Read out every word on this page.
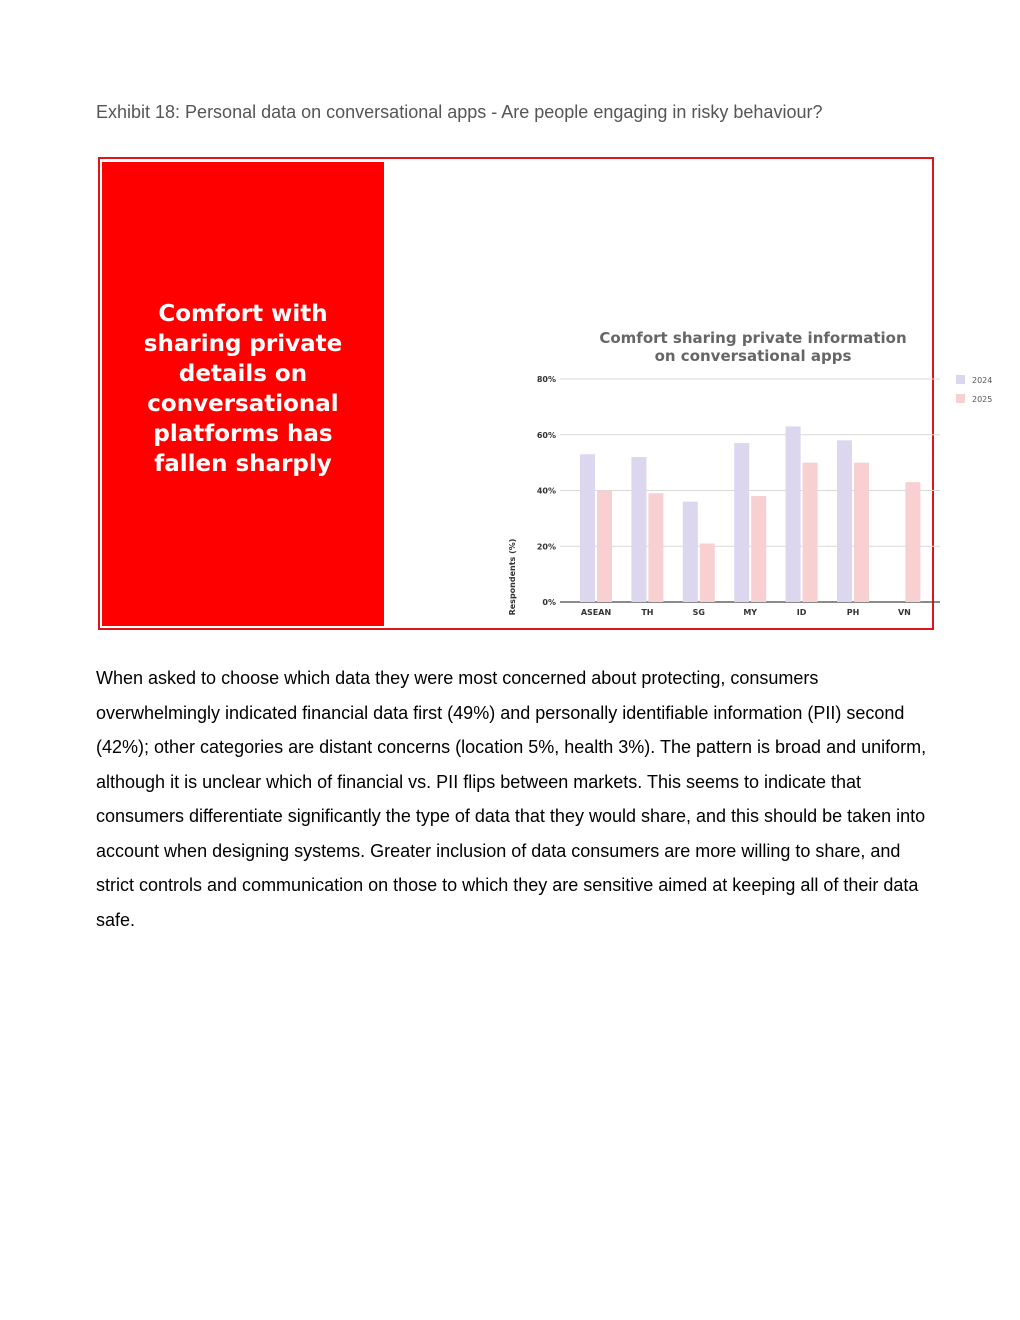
Exhibit 18: Personal data on conversational apps - Are people engaging in risky behaviour?
Comfort with sharing private details on conversational platforms has fallen sharply
Comfort sharing private information
on conversational apps
0%
20%
40%
60%
80%
ASEAN	TH	SG	MY	ID	PH	VN
2024
2025
Respondents (%)
When asked to choose which data they were most concerned about protecting, consumers overwhelmingly indicated financial data first (49%) and personally identifiable information (PII) second (42%); other categories are distant concerns (location 5%, health 3%). The pattern is broad and uniform, although it is unclear which of financial vs. PII flips between markets. This seems to indicate that consumers differentiate significantly the type of data that they would share, and this should be taken into account when designing systems. Greater inclusion of data consumers are more willing to share, and strict controls and communication on those to which they are sensitive aimed at keeping all of their data safe.
